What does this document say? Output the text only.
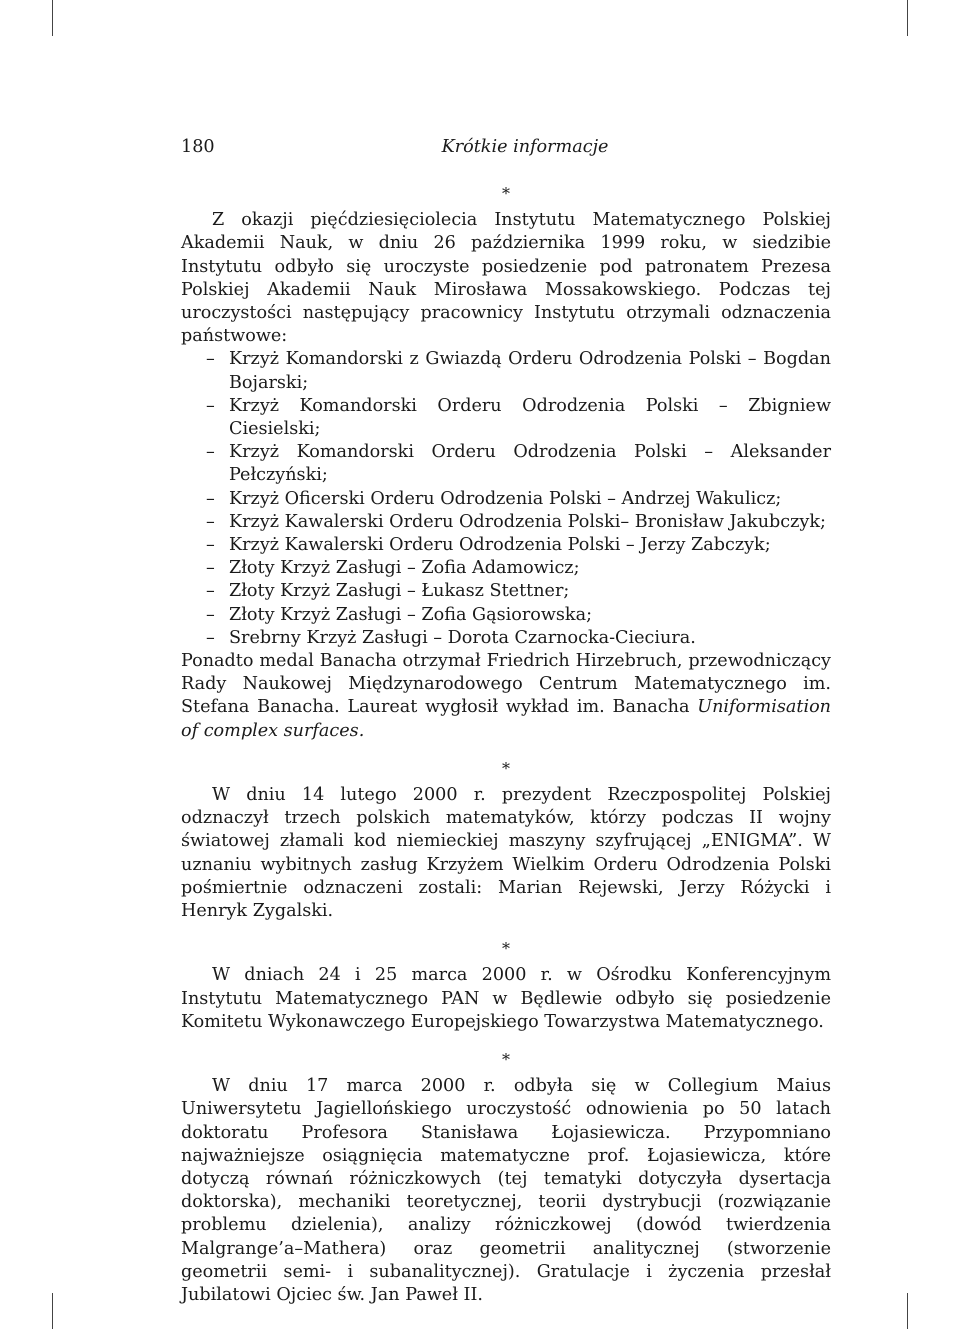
180	Krótkie informacje
*

Z okazji pięćdziesięciolecia Instytutu Matematycznego Polskiej Akademii Nauk, w dniu 26 października 1999 roku, w siedzibie Instytutu odbyło się uroczyste posiedzenie pod patronatem Prezesa Polskiej Akademii Nauk Mirosława Mossakowskiego. Podczas tej uroczystości następujący pracownicy Instytutu otrzymali odznaczenia państwowe:

– Krzyż Komandorski z Gwiazdą Orderu Odrodzenia Polski – Bogdan Bojarski;

– Krzyż Komandorski Orderu Odrodzenia Polski – Zbigniew Ciesielski;

– Krzyż Komandorski Orderu Odrodzenia Polski – Aleksander Pełczyński;

– Krzyż Oficerski Orderu Odrodzenia Polski – Andrzej Wakulicz;

– Krzyż Kawalerski Orderu Odrodzenia Polski– Bronisław Jakubczyk;

– Krzyż Kawalerski Orderu Odrodzenia Polski – Jerzy Zabczyk;

– Złoty Krzyż Zasługi – Zofia Adamowicz;

– Złoty Krzyż Zasługi – Łukasz Stettner;

– Złoty Krzyż Zasługi – Zofia Gąsiorowska;

– Srebrny Krzyż Zasługi – Dorota Czarnocka-Cieciura.

Ponadto medal Banacha otrzymał Friedrich Hirzebruch, przewodniczący Rady Naukowej Międzynarodowego Centrum Matematycznego im. Stefana Banacha. Laureat wygłosił wykład im. Banacha Uniformisation of complex surfaces.

*

W dniu 14 lutego 2000 r. prezydent Rzeczpospolitej Polskiej odznaczył trzech polskich matematyków, którzy podczas II wojny światowej złamali kod niemieckiej maszyny szyfrującej „ENIGMA”. W uznaniu wybitnych zasług Krzyżem Wielkim Orderu Odrodzenia Polski pośmiertnie odznaczeni zostali: Marian Rejewski, Jerzy Różycki i Henryk Zygalski.

*

W dniach 24 i 25 marca 2000 r. w Ośrodku Konferencyjnym Instytutu Matematycznego PAN w Będlewie odbyło się posiedzenie Komitetu Wykonawczego Europejskiego Towarzystwa Matematycznego.

*

W dniu 17 marca 2000 r. odbyła się w Collegium Maius Uniwersytetu Jagiellońskiego uroczystość odnowienia po 50 latach doktoratu Profesora Stanisława Łojasiewicza. Przypomniano najważniejsze osiągnięcia matematyczne prof. Łojasiewicza, które dotyczą równań różniczkowych (tej tematyki dotyczyła dysertacja doktorska), mechaniki teoretycznej, teorii dystrybucji (rozwiązanie problemu dzielenia), analizy różniczkowej (dowód twierdzenia Malgrange’a–Mathera) oraz geometrii analitycznej (stworzenie geometrii semi- i subanalitycznej). Gratulacje i życzenia przesłał Jubilatowi Ojciec św. Jan Paweł II.
